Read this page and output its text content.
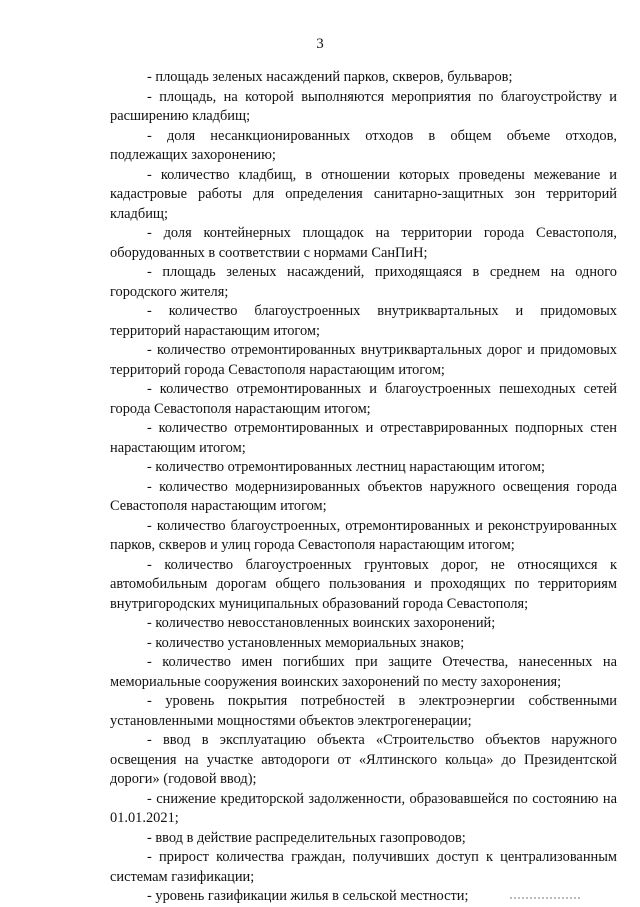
3

- площадь зеленых насаждений парков, скверов, бульваров;

- площадь, на которой выполняются мероприятия по благоустройству и расширению кладбищ;

- доля несанкционированных отходов в общем объеме отходов, подлежащих захоронению;

- количество кладбищ, в отношении которых проведены межевание и кадастровые работы для определения санитарно-защитных зон территорий кладбищ;

- доля контейнерных площадок на территории города Севастополя, оборудованных в соответствии с нормами СанПиН;

- площадь зеленых насаждений, приходящаяся в среднем на одного городского жителя;

- количество благоустроенных внутриквартальных и придомовых территорий нарастающим итогом;

- количество отремонтированных внутриквартальных дорог и придомовых территорий города Севастополя нарастающим итогом;

- количество отремонтированных и благоустроенных пешеходных сетей города Севастополя нарастающим итогом;

- количество отремонтированных и отреставрированных подпорных стен нарастающим итогом;

- количество отремонтированных лестниц нарастающим итогом;

- количество модернизированных объектов наружного освещения города Севастополя нарастающим итогом;

- количество благоустроенных, отремонтированных и реконструированных парков, скверов и улиц города Севастополя нарастающим итогом;

- количество благоустроенных грунтовых дорог, не относящихся к автомобильным дорогам общего пользования и проходящих по территориям внутригородских муниципальных образований города Севастополя;

- количество невосстановленных воинских захоронений;

- количество установленных мемориальных знаков;

- количество имен погибших при защите Отечества, нанесенных на мемориальные сооружения воинских захоронений по месту захоронения;

- уровень покрытия потребностей в электроэнергии собственными установленными мощностями объектов электрогенерации;

- ввод в эксплуатацию объекта «Строительство объектов наружного освещения на участке автодороги от «Ялтинского кольца» до Президентской дороги» (годовой ввод);

- снижение кредиторской задолженности, образовавшейся по состоянию на 01.01.2021;

- ввод в действие распределительных газопроводов;

- прирост количества граждан, получивших доступ к централизованным системам газификации;

- уровень газификации жилья в сельской местности;
